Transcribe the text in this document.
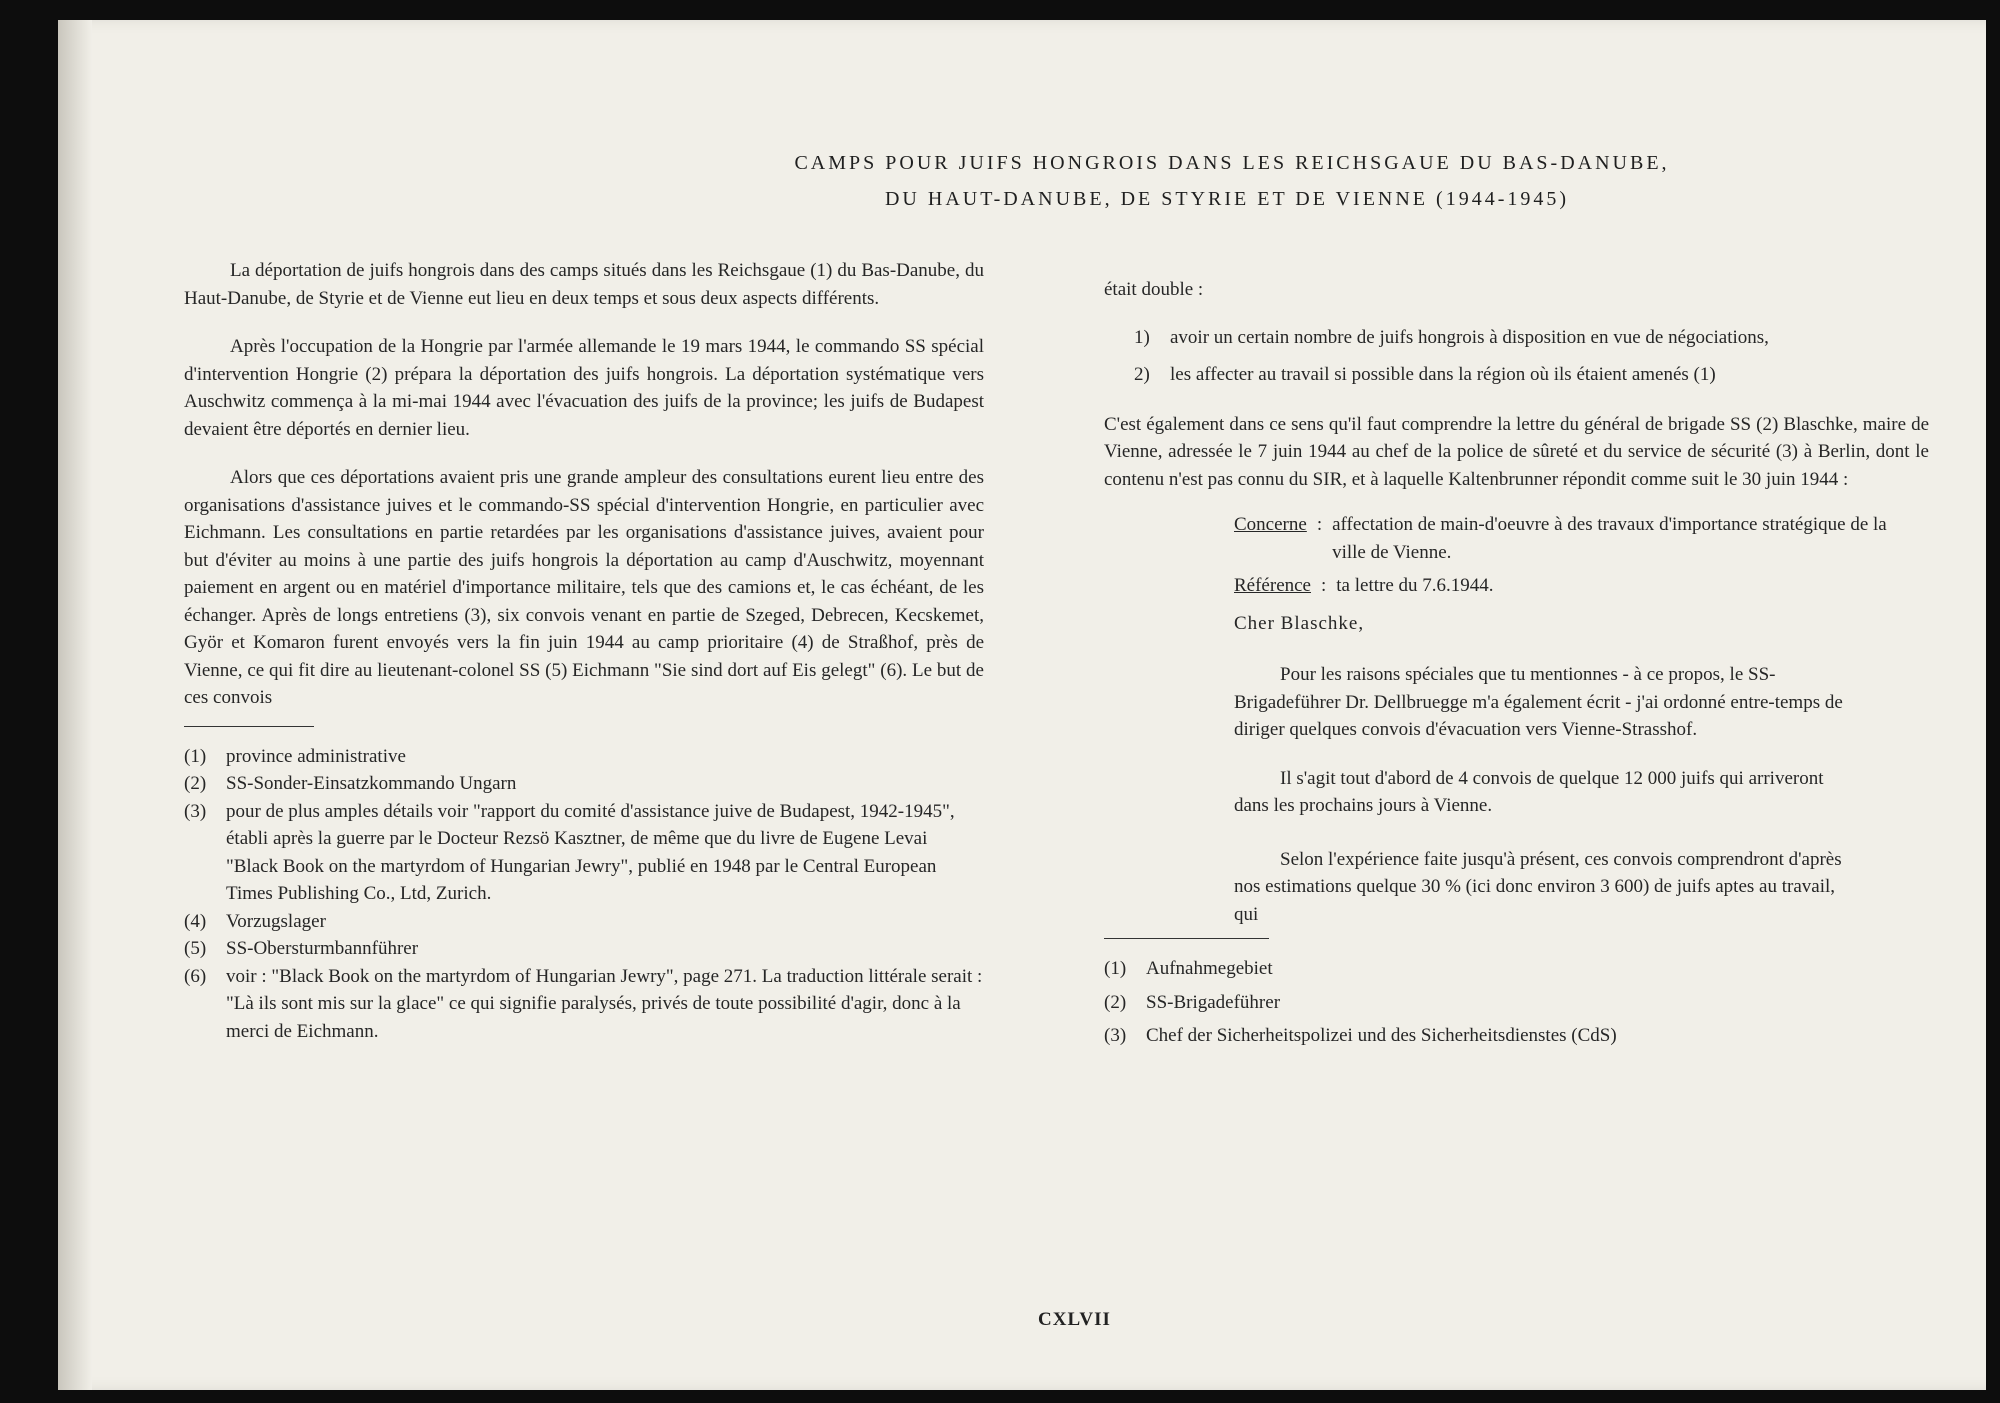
CAMPS POUR JUIFS HONGROIS DANS LES REICHSGAUE DU BAS-DANUBE,
DU HAUT-DANUBE, DE STYRIE ET DE VIENNE (1944-1945)

La déportation de juifs hongrois dans des camps situés dans les Reichsgaue (1) du Bas-Danube, du Haut-Danube, de Styrie et de Vienne eut lieu en deux temps et sous deux aspects différents.

Après l'occupation de la Hongrie par l'armée allemande le 19 mars 1944, le commando SS spécial d'intervention Hongrie (2) prépara la déportation des juifs hongrois. La déportation systématique vers Auschwitz commença à la mi-mai 1944 avec l'évacuation des juifs de la province; les juifs de Budapest devaient être déportés en dernier lieu.

Alors que ces déportations avaient pris une grande ampleur des consultations eurent lieu entre des organisations d'assistance juives et le commando-SS spécial d'intervention Hongrie, en particulier avec Eichmann. Les consultations en partie retardées par les organisations d'assistance juives, avaient pour but d'éviter au moins à une partie des juifs hongrois la déportation au camp d'Auschwitz, moyennant paiement en argent ou en matériel d'importance militaire, tels que des camions et, le cas échéant, de les échanger. Après de longs entretiens (3), six convois venant en partie de Szeged, Debrecen, Kecskemet, Györ et Komaron furent envoyés vers la fin juin 1944 au camp prioritaire (4) de Straßhof, près de Vienne, ce qui fit dire au lieutenant-colonel SS (5) Eichmann "Sie sind dort auf Eis gelegt" (6). Le but de ces convois

(1)	province administrative
(2)	SS-Sonder-Einsatzkommando Ungarn
(3)	pour de plus amples détails voir "rapport du comité d'assistance juive de Budapest, 1942-1945", établi après la guerre par le Docteur Rezsö Kasztner, de même que du livre de Eugene Levai "Black Book on the martyrdom of Hungarian Jewry", publié en 1948 par le Central European Times Publishing Co., Ltd, Zurich.
(4)	Vorzugslager
(5)	SS-Obersturmbannführer
(6)	voir : "Black Book on the martyrdom of Hungarian Jewry", page 271. La traduction littérale serait : "Là ils sont mis sur la glace" ce qui signifie paralysés, privés de toute possibilité d'agir, donc à la merci de Eichmann.
était double :
1)	avoir un certain nombre de juifs hongrois à disposition en vue de négociations,
2)	les affecter au travail si possible dans la région où ils étaient amenés (1)

C'est également dans ce sens qu'il faut comprendre la lettre du général de brigade SS (2) Blaschke, maire de Vienne, adressée le 7 juin 1944 au chef de la police de sûreté et du service de sécurité (3) à Berlin, dont le contenu n'est pas connu du SIR, et à laquelle Kaltenbrunner répondit comme suit le 30 juin 1944 :

Concerne : affectation de main-d'oeuvre à des travaux d'importance stratégique de la ville de Vienne.
Référence : ta lettre du 7.6.1944.
Cher Blaschke,

Pour les raisons spéciales que tu mentionnes - à ce propos, le SS-Brigadeführer Dr. Dellbruegge m'a également écrit - j'ai ordonné entre-temps de diriger quelques convois d'évacuation vers Vienne-Strasshof.

Il s'agit tout d'abord de 4 convois de quelque 12 000 juifs qui arriveront dans les prochains jours à Vienne.

Selon l'expérience faite jusqu'à présent, ces convois comprendront d'après nos estimations quelque 30 % (ici donc environ 3 600) de juifs aptes au travail, qui

(1)	Aufnahmegebiet
(2)	SS-Brigadeführer
(3)	Chef der Sicherheitspolizei und des Sicherheitsdienstes (CdS)
CXLVII
